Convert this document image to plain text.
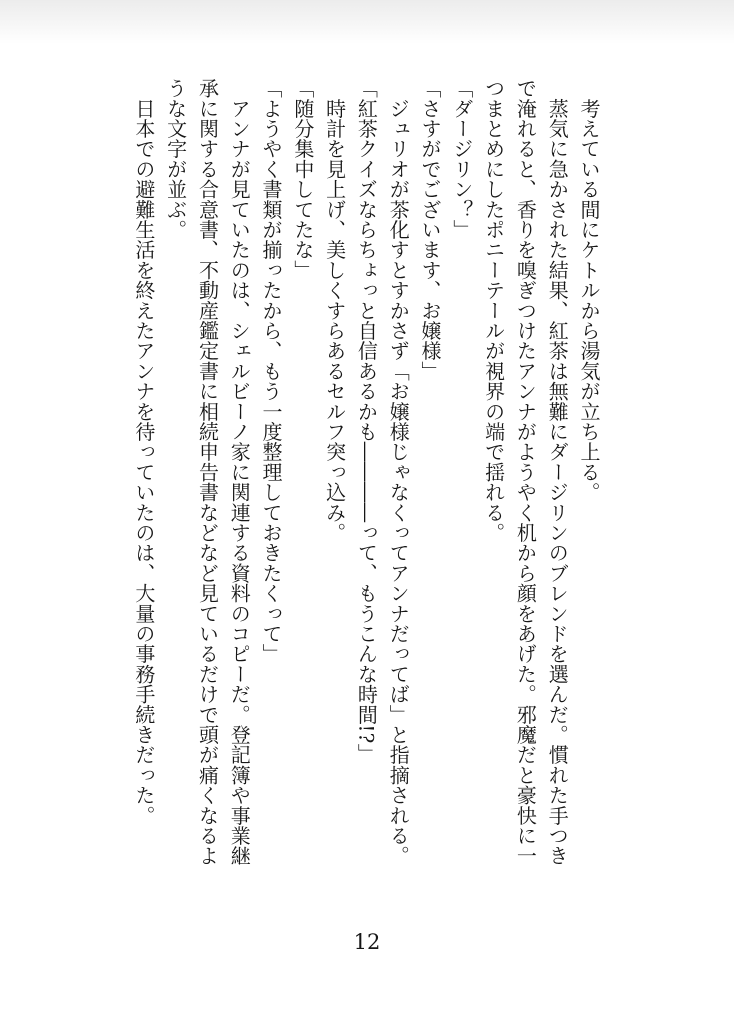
　考えている間にケトルから湯気が立ち上る。

　蒸気に急かされた結果、紅茶は無難にダージリンのブレンドを選んだ。慣れた手つきで淹れると、香りを嗅ぎつけたアンナがようやく机から顔をあげた。邪魔だと豪快に一つまとめにしたポニーテールが視界の端で揺れる。

「ダージリン？」

「さすがでございます、お嬢様」

　ジュリオが茶化すとすかさず「お嬢様じゃなくってアンナだってば」と指摘される。

「紅茶クイズならちょっと自信あるかも――――って、もうこんな時間!?」

　時計を見上げ、美しくすらあるセルフ突っ込み。

「随分集中してたな」

「ようやく書類が揃ったから、もう一度整理しておきたくって」

　アンナが見ていたのは、シェルビーノ家に関連する資料のコピーだ。登記簿や事業継承に関する合意書、不動産鑑定書に相続申告書などなど見ているだけで頭が痛くなるような文字が並ぶ。

　日本での避難生活を終えたアンナを待っていたのは、大量の事務手続きだった。

12
